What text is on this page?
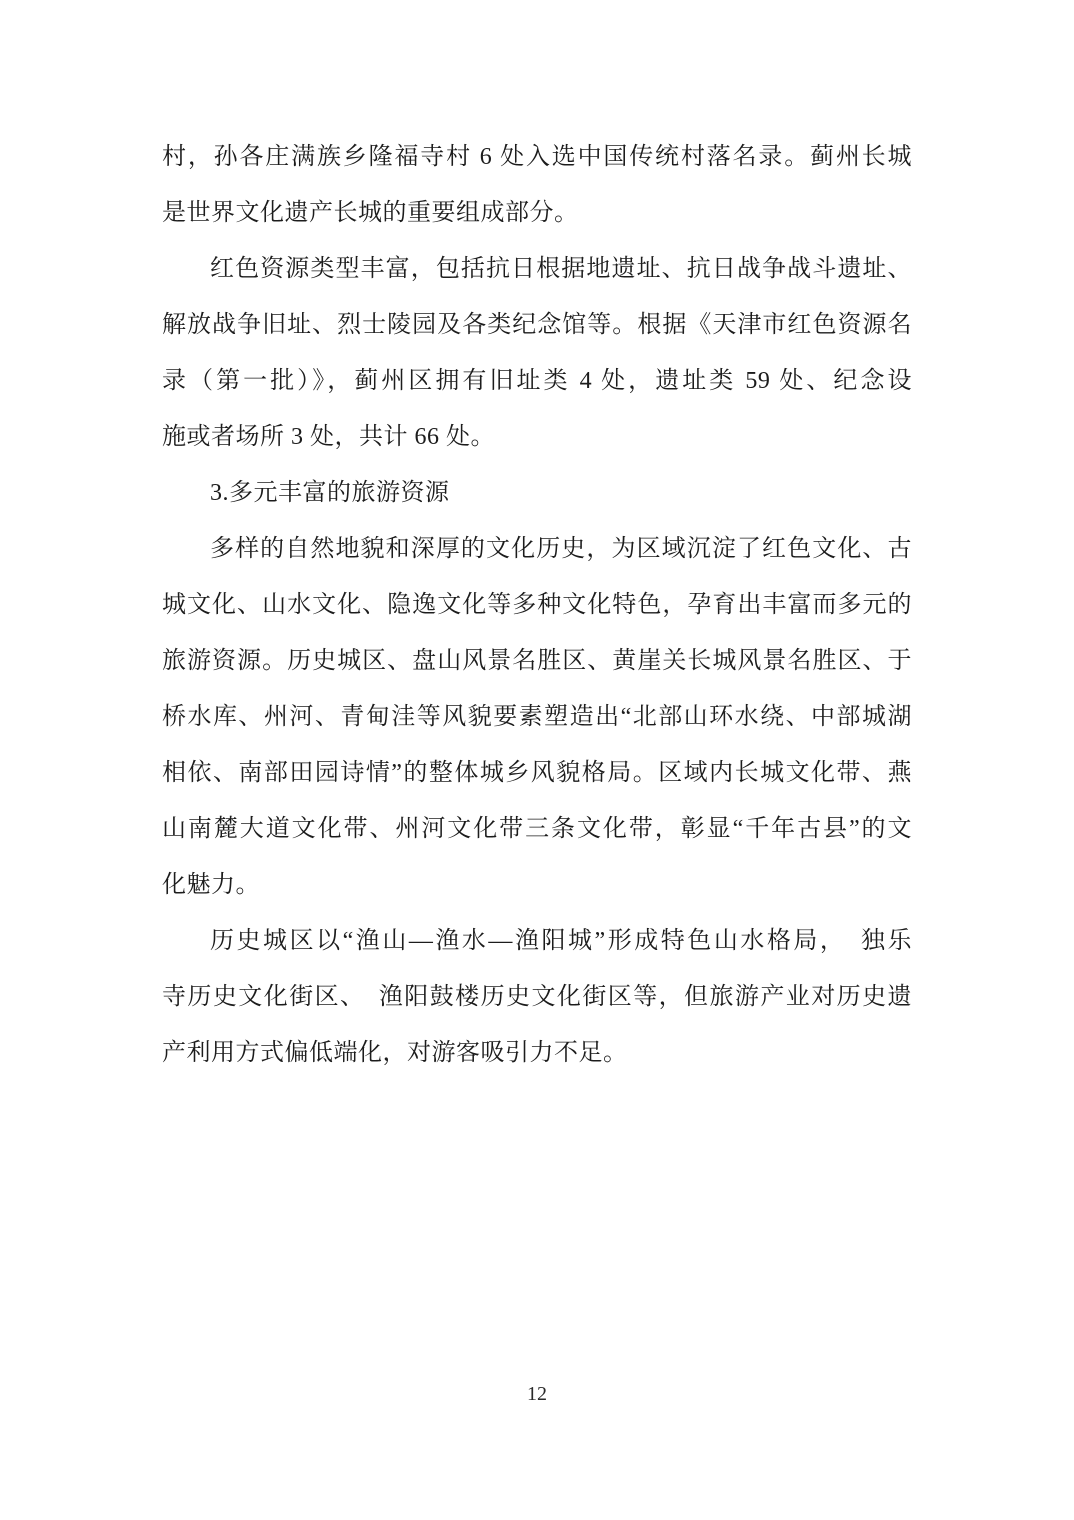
村，孙各庄满族乡隆福寺村 6 处入选中国传统村落名录。蓟州长城
是世界文化遗产长城的重要组成部分。
红色资源类型丰富，包括抗日根据地遗址、抗日战争战斗遗址、
解放战争旧址、烈士陵园及各类纪念馆等。根据《天津市红色资源名
录（第一批）》，蓟州区拥有旧址类 4 处，遗址类 59 处、纪念设
施或者场所 3 处，共计 66 处。
3.多元丰富的旅游资源
多样的自然地貌和深厚的文化历史，为区域沉淀了红色文化、古
城文化、山水文化、隐逸文化等多种文化特色，孕育出丰富而多元的
旅游资源。历史城区、盘山风景名胜区、黄崖关长城风景名胜区、于
桥水库、州河、青甸洼等风貌要素塑造出“北部山环水绕、中部城湖
相依、南部田园诗情”的整体城乡风貌格局。区域内长城文化带、燕
山南麓大道文化带、州河文化带三条文化带，彰显“千年古县”的文
化魅力。
历史城区以“渔山—渔水—渔阳城”形成特色山水格局，　独乐
寺历史文化街区、　渔阳鼓楼历史文化街区等，但旅游产业对历史遗
产利用方式偏低端化，对游客吸引力不足。
12
